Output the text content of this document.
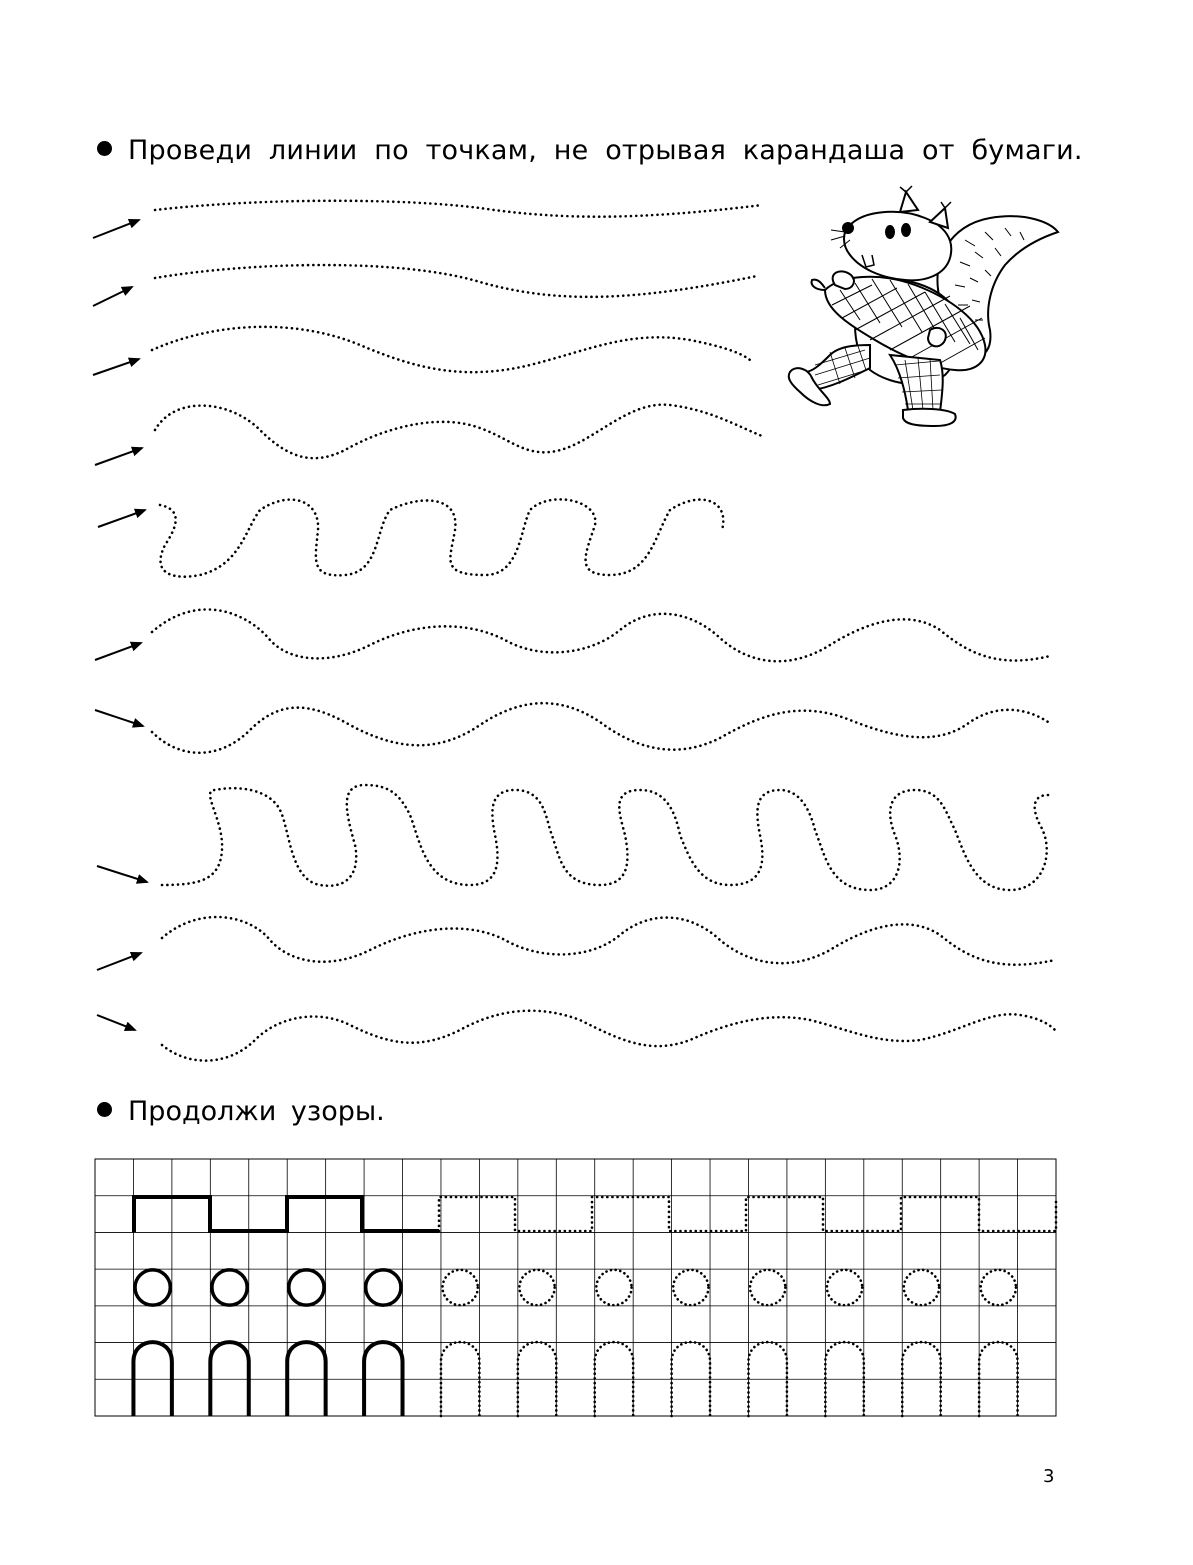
Проведи линии по точкам, не отрывая карандаша от бумаги.
Продолжи узоры.
3
